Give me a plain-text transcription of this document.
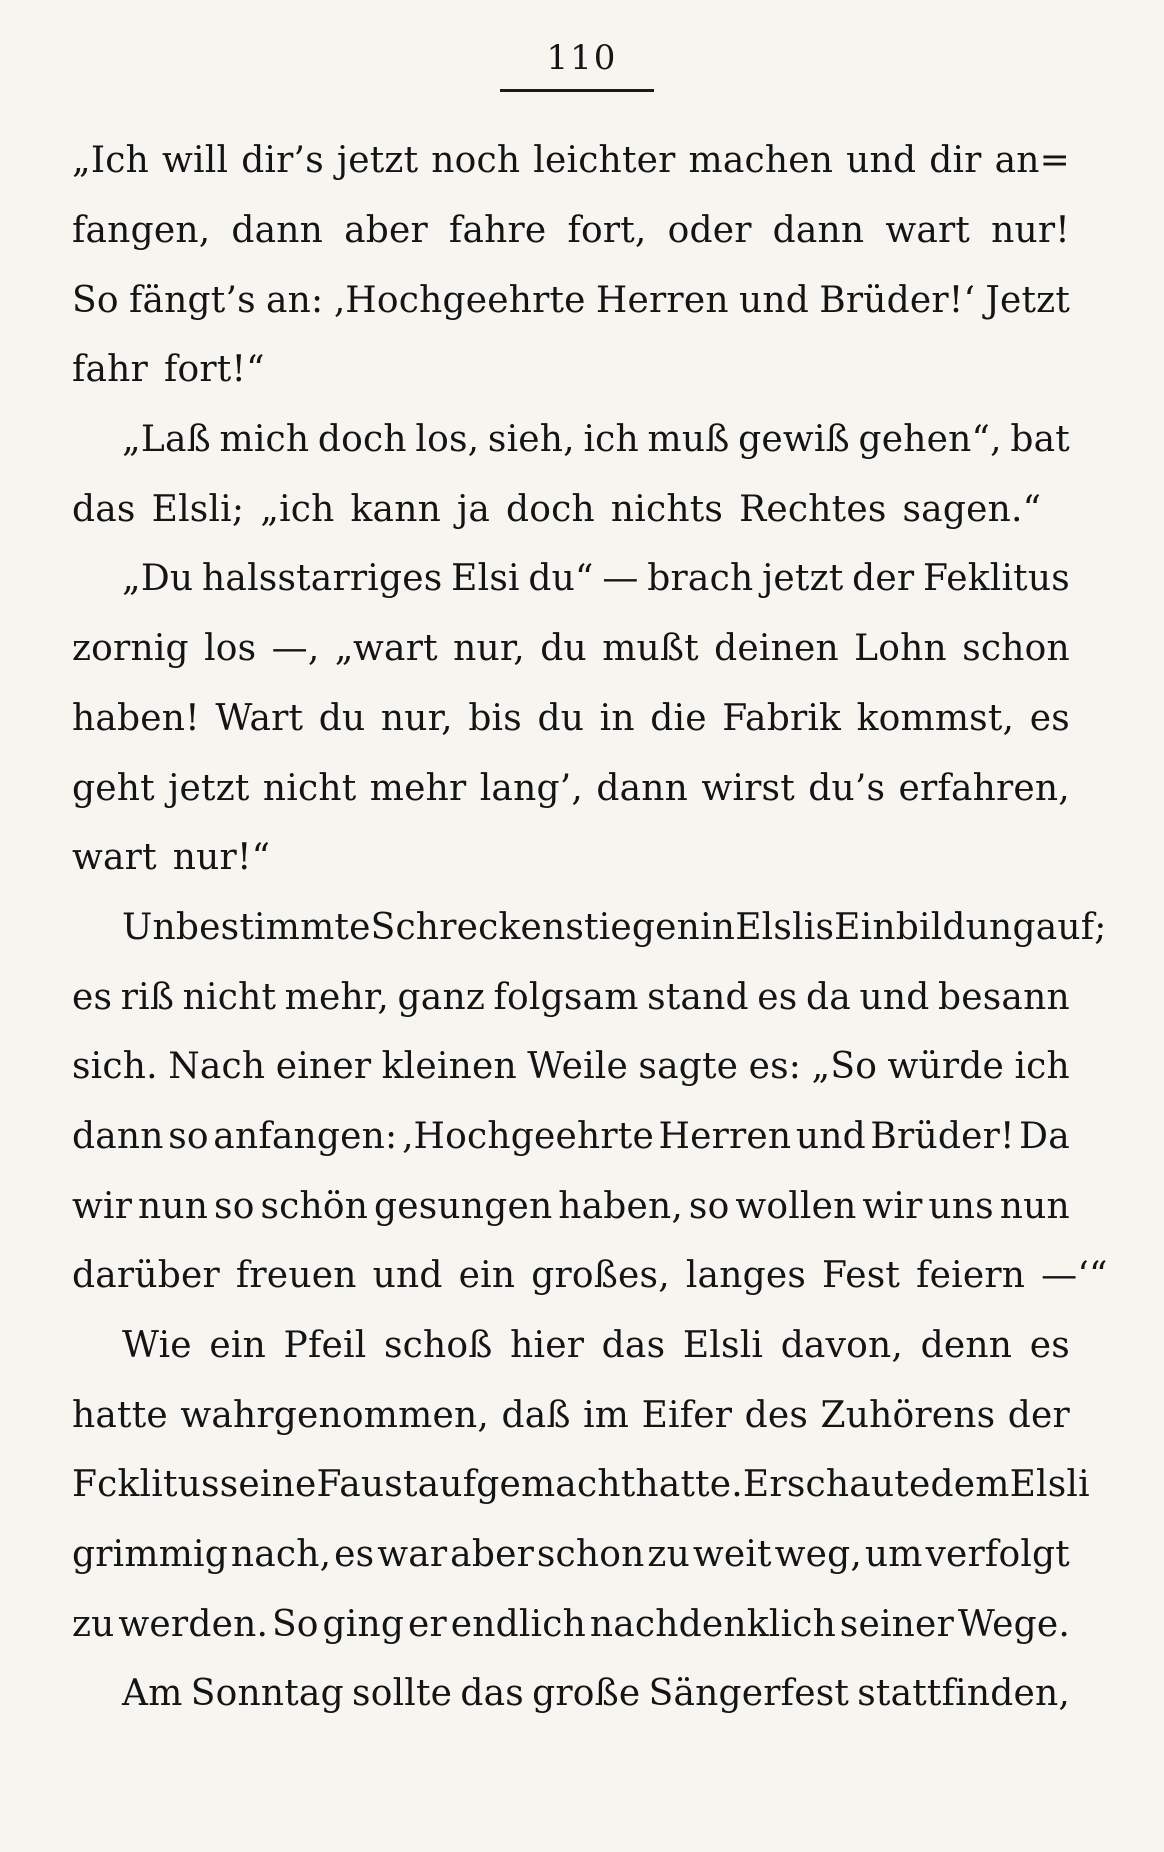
110
„Ich will dir’s jetzt noch leichter machen und dir an=
fangen, dann aber fahre fort, oder dann wart nur!
So fängt’s an: ‚Hochgeehrte Herren und Brüder!‘ Jetzt
fahr fort!“
„Laß mich doch los, sieh, ich muß gewiß gehen“, bat
das Elsli; „ich kann ja doch nichts Rechtes sagen.“
„Du halsstarriges Elsi du“ — brach jetzt der Feklitus
zornig los —, „wart nur, du mußt deinen Lohn schon
haben! Wart du nur, bis du in die Fabrik kommst, es
geht jetzt nicht mehr lang’, dann wirst du’s erfahren,
wart nur!“
Unbestimmte Schrecken stiegen in Elslis Einbildung auf;
es riß nicht mehr, ganz folgsam stand es da und besann
sich. Nach einer kleinen Weile sagte es: „So würde ich
dann so anfangen: ‚Hochgeehrte Herren und Brüder! Da
wir nun so schön gesungen haben, so wollen wir uns nun
darüber freuen und ein großes, langes Fest feiern —‘“
Wie ein Pfeil schoß hier das Elsli davon, denn es
hatte wahrgenommen, daß im Eifer des Zuhörens der
Fcklitus seine Faust aufgemacht hatte. Er schaute dem Elsli
grimmig nach, es war aber schon zu weit weg, um verfolgt
zu werden. So ging er endlich nachdenklich seiner Wege.
Am Sonntag sollte das große Sängerfest stattfinden,
